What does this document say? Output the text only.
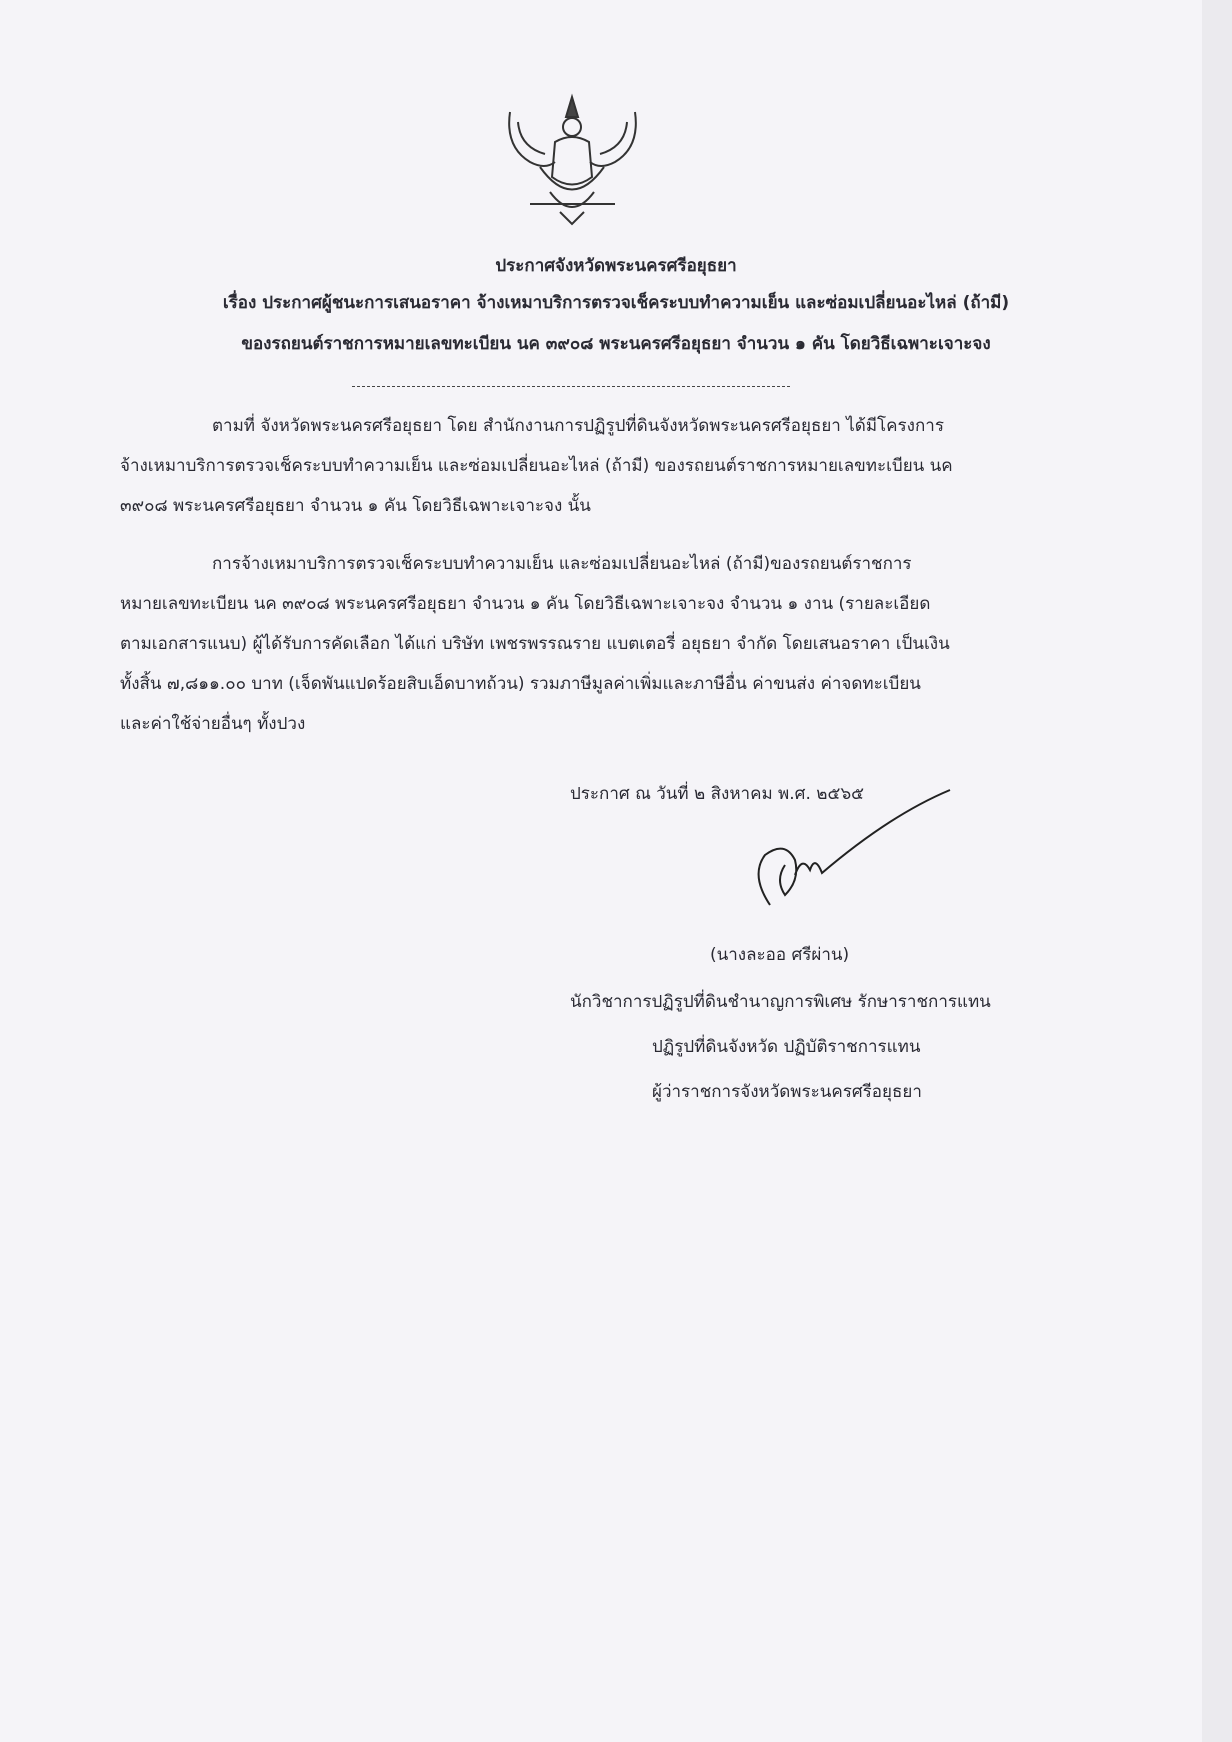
ประกาศจังหวัดพระนครศรีอยุธยา
เรื่อง ประกาศผู้ชนะการเสนอราคา จ้างเหมาบริการตรวจเช็คระบบทำความเย็น และซ่อมเปลี่ยนอะไหล่ (ถ้ามี)
ของรถยนต์ราชการหมายเลขทะเบียน นค ๓๙๐๘ พระนครศรีอยุธยา จำนวน ๑ คัน โดยวิธีเฉพาะเจาะจง
ตามที่ จังหวัดพระนครศรีอยุธยา โดย สำนักงานการปฏิรูปที่ดินจังหวัดพระนครศรีอยุธยา ได้มีโครงการ
จ้างเหมาบริการตรวจเช็คระบบทำความเย็น และซ่อมเปลี่ยนอะไหล่ (ถ้ามี) ของรถยนต์ราชการหมายเลขทะเบียน นค
๓๙๐๘ พระนครศรีอยุธยา จำนวน ๑ คัน โดยวิธีเฉพาะเจาะจง นั้น
การจ้างเหมาบริการตรวจเช็คระบบทำความเย็น และซ่อมเปลี่ยนอะไหล่ (ถ้ามี)ของรถยนต์ราชการ
หมายเลขทะเบียน นค ๓๙๐๘ พระนครศรีอยุธยา จำนวน ๑ คัน โดยวิธีเฉพาะเจาะจง จำนวน ๑ งาน (รายละเอียด
ตามเอกสารแนบ) ผู้ได้รับการคัดเลือก ได้แก่ บริษัท เพชรพรรณราย แบตเตอรี่ อยุธยา จำกัด โดยเสนอราคา เป็นเงิน
ทั้งสิ้น ๗,๘๑๑.๐๐ บาท (เจ็ดพันแปดร้อยสิบเอ็ดบาทถ้วน) รวมภาษีมูลค่าเพิ่มและภาษีอื่น ค่าขนส่ง ค่าจดทะเบียน
และค่าใช้จ่ายอื่นๆ ทั้งปวง
ประกาศ ณ วันที่ ๒ สิงหาคม พ.ศ. ๒๕๖๕
(นางละออ ศรีผ่าน)
นักวิชาการปฏิรูปที่ดินชำนาญการพิเศษ รักษาราชการแทน
ปฏิรูปที่ดินจังหวัด ปฏิบัติราชการแทน
ผู้ว่าราชการจังหวัดพระนครศรีอยุธยา
